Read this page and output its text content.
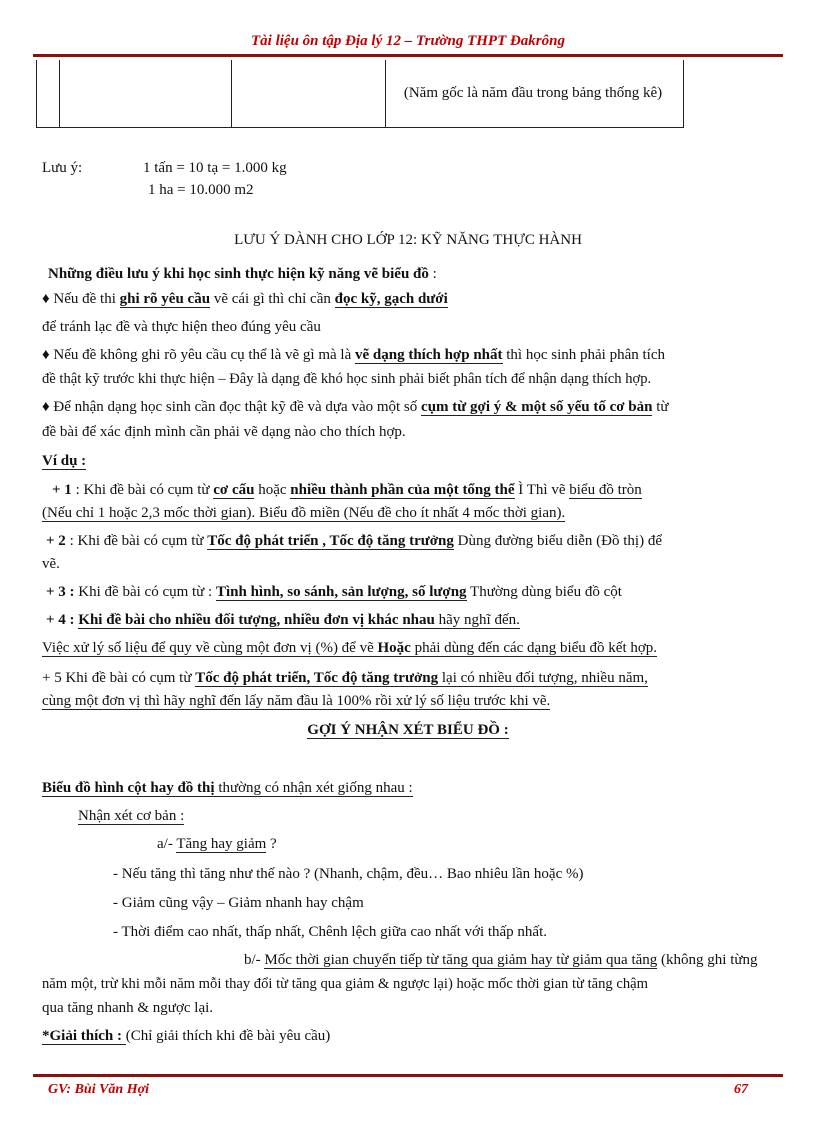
Tài liệu ôn tập Địa lý 12 – Trường THPT Đakrông
(Năm gốc là năm đầu trong bảng thống kê)
Lưu ý:	1 tấn = 10 tạ = 1.000 kg
1 ha = 10.000 m2
LƯU Ý DÀNH CHO LỚP 12: KỸ NĂNG THỰC HÀNH
Những điều lưu ý khi học sinh thực hiện kỹ năng vẽ biểu đồ :
♦ Nếu đề thi ghi rõ yêu cầu vẽ cái gì thì chỉ cần đọc kỹ, gạch dưới
để tránh lạc đề và thực hiện theo đúng yêu cầu
♦ Nếu đề không ghi rõ yêu cầu cụ thể là vẽ gì mà là vẽ dạng thích hợp nhất thì học sinh phải phân tích
đề thật kỹ trước khi thực hiện – Đây là dạng đề khó học sinh phải biết phân tích để nhận dạng thích hợp.
♦ Để nhận dạng học sinh cần đọc thật kỹ đề và dựa vào một số cụm từ gợi ý & một số yếu tố cơ bản từ
đề bài để xác định mình cần phải vẽ dạng nào cho thích hợp.
Ví dụ :
+ 1 : Khi đề bài có cụm từ cơ cấu hoặc nhiều thành phần của một tổng thể Ì Thì vẽ biểu đồ tròn
(Nếu chỉ 1 hoặc 2,3 mốc thời gian). Biểu đồ miền (Nếu đề cho ít nhất 4 mốc thời gian).
+ 2 : Khi đề bài có cụm từ Tốc độ phát triển , Tốc độ tăng trưởng Dùng đường biểu diễn (Đồ thị) để
vẽ.
+ 3 : Khi đề bài có cụm từ : Tình hình, so sánh, sản lượng, số lượng Thường dùng biểu đồ cột
+ 4 : Khi đề bài cho nhiều đối tượng, nhiều đơn vị khác nhau hãy nghĩ đến.
Việc xử lý số liệu để quy về cùng một đơn vị (%) để vẽ Hoặc phải dùng đến các dạng biểu đồ kết hợp.
+ 5 Khi đề bài có cụm từ Tốc độ phát triển, Tốc độ tăng trưởng lại có nhiều đối tượng, nhiều năm,
cùng một đơn vị thì hãy nghĩ đến lấy năm đầu là 100% rồi xử lý số liệu trước khi vẽ.
GỢI Ý NHẬN XÉT BIỂU ĐỒ :
Biểu đồ hình cột hay đồ thị thường có nhận xét giống nhau :
Nhận xét cơ bản :
a/- Tăng hay giảm ?
- Nếu tăng thì tăng như thế nào ? (Nhanh, chậm, đều… Bao nhiêu lần hoặc %)
- Giảm cũng vậy – Giảm nhanh hay chậm
- Thời điểm cao nhất, thấp nhất, Chênh lệch giữa cao nhất với thấp nhất.
b/- Mốc thời gian chuyển tiếp từ tăng qua giảm hay từ giảm qua tăng (không ghi từng
năm một, trừ khi mỗi năm mỗi thay đổi từ tăng qua giảm & ngược lại) hoặc mốc thời gian từ tăng chậm
qua tăng nhanh & ngược lại.
*Giải thích : (Chỉ giải thích khi đề bài yêu cầu)
GV: Bùi Văn Hợi	67
